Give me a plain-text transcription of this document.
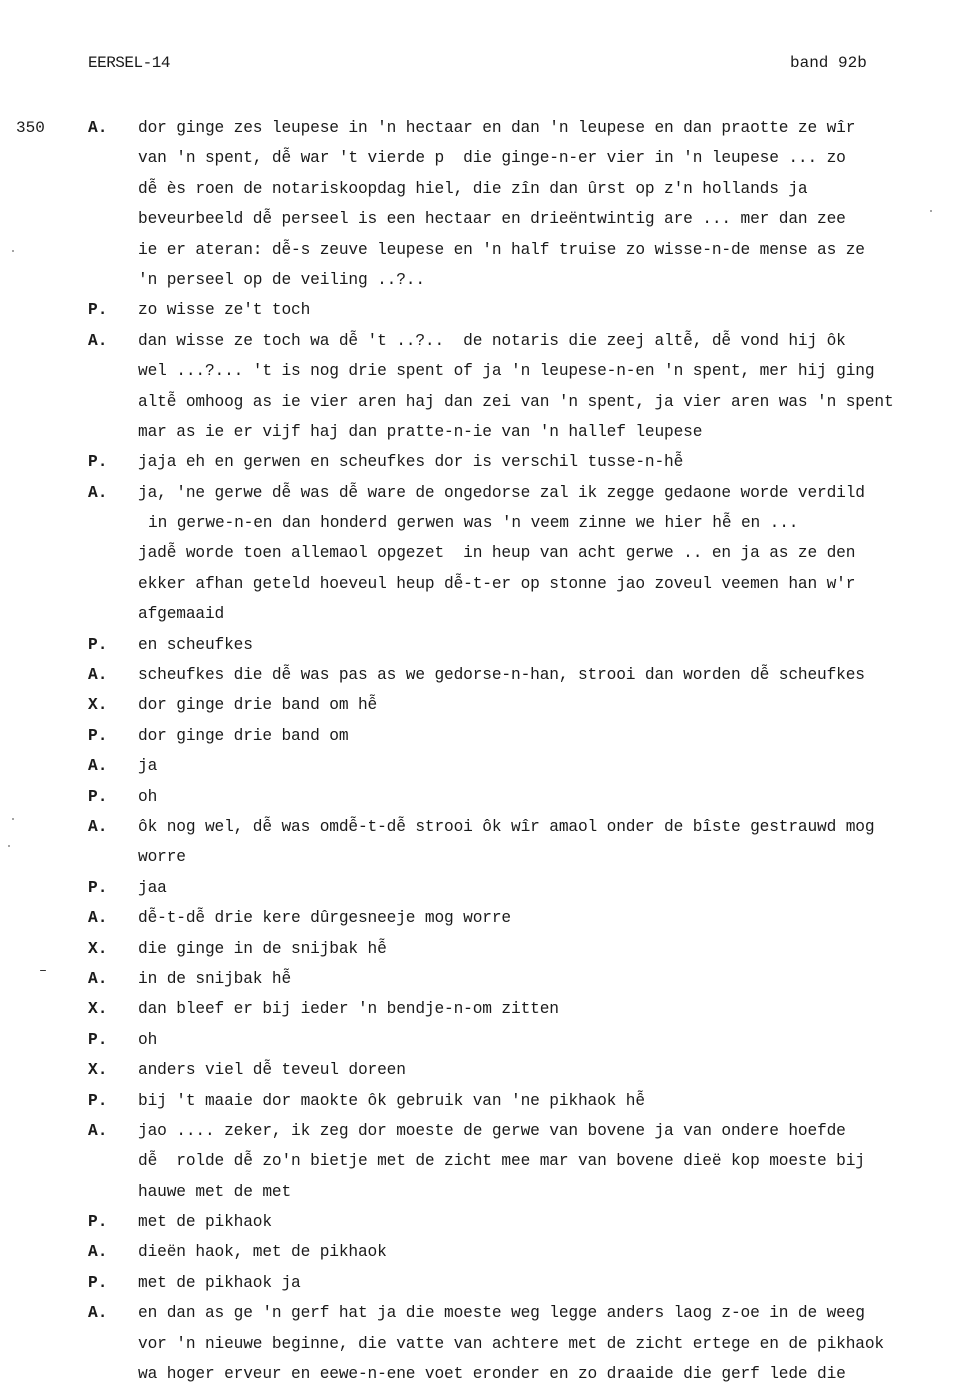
EERSEL-14	band 92b
350	A. dor ginge zes leupese in 'n hectaar en dan 'n leupese en dan praotte ze wîr
van 'n spent, dễ war 't vierde p  die ginge-n-er vier in 'n leupese ... zo
dễ ès roen de notariskoopdag hiel, die zîn dan ûrst op z'n hollands ja
beveurbeeld dễ perseel is een hectaar en drieëntwintig are ... mer dan zee
ie er ateran: dễ-s zeuve leupese en 'n half truise zo wisse-n-de mense as ze
'n perseel op de veiling ..?..
P. zo wisse ze't toch
A. dan wisse ze toch wa dễ 't ..?..  de notaris die zeej altễ, dễ vond hij ôk
wel ...?... 't is nog drie spent of ja 'n leupese-n-en 'n spent, mer hij ging
altễ omhoog as ie vier aren haj dan zei van 'n spent, ja vier aren was 'n spent
mar as ie er vijf haj dan pratte-n-ie van 'n hallef leupese
P. jaja eh en gerwen en scheufkes dor is verschil tusse-n-hễ
A. ja, 'ne gerwe dễ was dễ ware de ongedorse zal ik zegge gedaone worde verdild
in gerwe-n-en dan honderd gerwen was 'n veem zinne we hier hễ en ...
jadễ worde toen allemaol opgezet  in heup van acht gerwe .. en ja as ze den
ekker afhan geteld hoeveul heup dễ-t-er op stonne jao zoveul veemen han w'r
afgemaaid
P. en scheufkes
A. scheufkes die dễ was pas as we gedorse-n-han, strooi dan worden dễ scheufkes
X. dor ginge drie band om hễ
P. dor ginge drie band om
A. ja
P. oh
A. ôk nog wel, dễ was omdễ-t-dễ strooi ôk wîr amaol onder de bîste gestrauwd mog
worre
P. jaa
A. dễ-t-dễ drie kere dûrgesneeje mog worre
X. die ginge in de snijbak hễ
A. in de snijbak hễ
X. dan bleef er bij ieder 'n bendje-n-om zitten
P. oh
X. anders viel dễ teveul doreen
P. bij 't maaie dor maokte ôk gebruik van 'ne pikhaok hễ
A. jao .... zeker, ik zeg dor moeste de gerwe van bovene ja van ondere hoefde
dễ  rolde dễ zo'n bietje met de zicht mee mar van bovene dieë kop moeste bij
hauwe met de met
P. met de pikhaok
A. dieën haok, met de pikhaok
P. met de pikhaok ja
A. en dan as ge 'n gerf hat ja die moeste weg legge anders laog z-oe in de weeg
vor 'n nieuwe beginne, die vatte van achtere met de zicht ertege en de pikhaok
wa hoger erveur en eewe-n-ene voet eronder en zo draaide die gerf lede die
